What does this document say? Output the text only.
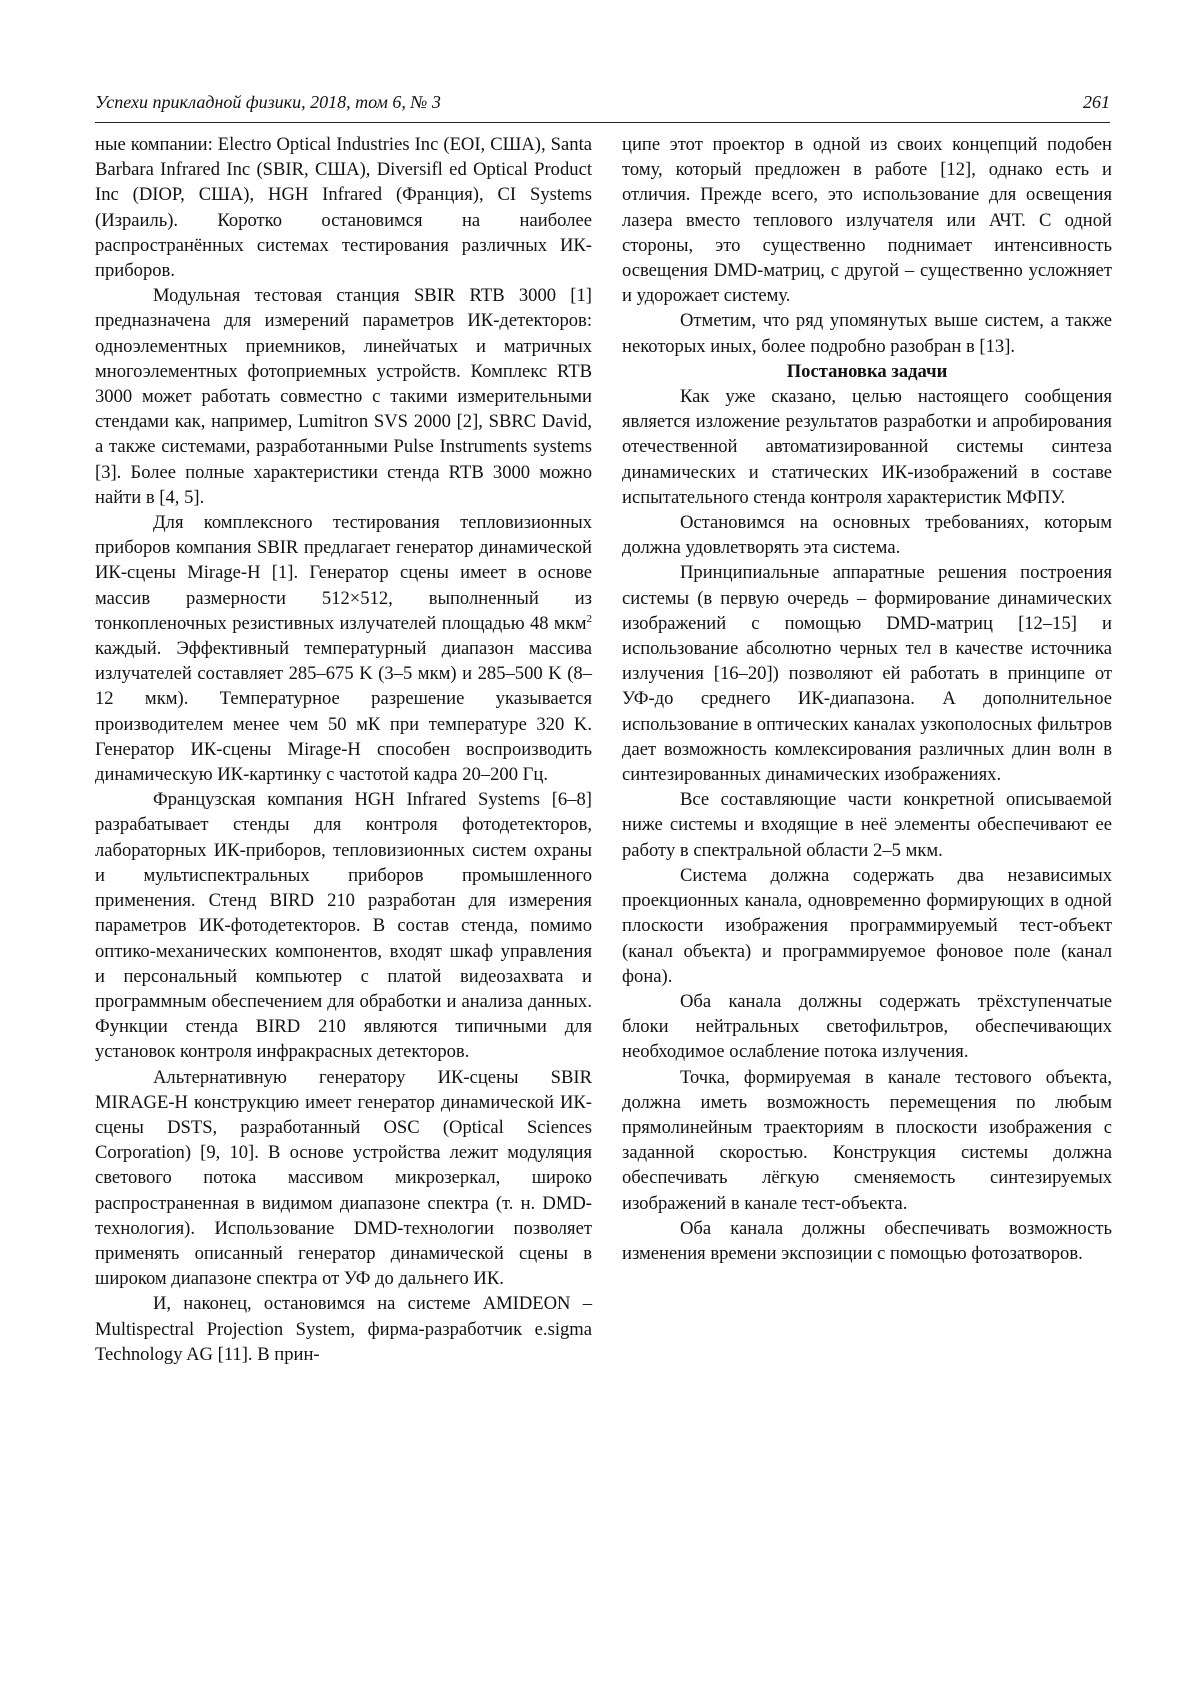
Успехи прикладной физики, 2018, том 6, № 3	261

ные компании: Electro Optical Industries Inc (EOI, США), Santa Barbara Infrared Inc (SBIR, США), Diversifl ed Optical Product Inc (DIOP, США), HGH Infrared (Франция), CI Systems (Израиль). Коротко остановимся на наиболее распространённых системах тестирования различных ИК-приборов.

Модульная тестовая станция SBIR RTB 3000 [1] предназначена для измерений параметров ИК-детекторов: одноэлементных приемников, линейчатых и матричных многоэлементных фотоприемных устройств. Комплекс RTB 3000 может работать совместно с такими измерительными стендами как, например, Lumitron SVS 2000 [2], SBRC David, а также системами, разработанными Pulse Instruments systems [3]. Более полные характеристики стенда RTB 3000 можно найти в [4, 5].

Для комплексного тестирования тепловизионных приборов компания SBIR предлагает генератор динамической ИК-сцены Mirage-H [1]. Генератор сцены имеет в основе массив размерности 512×512, выполненный из тонкопленочных резистивных излучателей площадью 48 мкм$^2$ каждый. Эффективный температурный диапазон массива излучателей составляет 285–675 K (3–5 мкм) и 285–500 K (8–12 мкм). Температурное разрешение указывается производителем менее чем 50 мК при температуре 320 K. Генератор ИК-сцены Mirage-H способен воспроизводить динамическую ИК-картинку с частотой кадра 20–200 Гц.

Французская компания HGH Infrared Systems [6–8] разрабатывает стенды для контроля фотодетекторов, лабораторных ИК-приборов, тепловизионных систем охраны и мультиспектральных приборов промышленного применения. Стенд BIRD 210 разработан для измерения параметров ИК-фотодетекторов. В состав стенда, помимо оптико-механических компонентов, входят шкаф управления и персональный компьютер с платой видеозахвата и программным обеспечением для обработки и анализа данных. Функции стенда BIRD 210 являются типичными для установок контроля инфракрасных детекторов.

Альтернативную генератору ИК-сцены SBIR MIRAGE-H конструкцию имеет генератор динамической ИК-сцены DSTS, разработанный OSC (Optical Sciences Corporation) [9, 10]. В основе устройства лежит модуляция светового потока массивом микрозеркал, широко распространенная в видимом диапазоне спектра (т. н. DMD-технология). Использование DMD-технологии позволяет применять описанный генератор динамической сцены в широком диапазоне спектра от УФ до дальнего ИК.

И, наконец, остановимся на системе AMIDEON – Multispectral Projection System, фирма-разработчик e.sigma Technology AG [11]. В прин-

ципе этот проектор в одной из своих концепций подобен тому, который предложен в работе [12], однако есть и отличия. Прежде всего, это использование для освещения лазера вместо теплового излучателя или АЧТ. С одной стороны, это существенно поднимает интенсивность освещения DMD-матриц, с другой – существенно усложняет и удорожает систему.

Отметим, что ряд упомянутых выше систем, а также некоторых иных, более подробно разобран в [13].

Постановка задачи

Как уже сказано, целью настоящего сообщения является изложение результатов разработки и апробирования отечественной автоматизированной системы синтеза динамических и статических ИК-изображений в составе испытательного стенда контроля характеристик МФПУ.

Остановимся на основных требованиях, которым должна удовлетворять эта система.

Принципиальные аппаратные решения построения системы (в первую очередь – формирование динамических изображений с помощью DMD-матриц [12–15] и использование абсолютно черных тел в качестве источника излучения [16–20]) позволяют ей работать в принципе от УФ-до среднего ИК-диапазона. А дополнительное использование в оптических каналах узкополосных фильтров дает возможность комлексирования различных длин волн в синтезированных динамических изображениях.

Все составляющие части конкретной описываемой ниже системы и входящие в неё элементы обеспечивают ее работу в спектральной области 2–5 мкм.

Система должна содержать два независимых проекционных канала, одновременно формирующих в одной плоскости изображения программируемый тест-объект (канал объекта) и программируемое фоновое поле (канал фона).

Оба канала должны содержать трёхступенчатые блоки нейтральных светофильтров, обеспечивающих необходимое ослабление потока излучения.

Точка, формируемая в канале тестового объекта, должна иметь возможность перемещения по любым прямолинейным траекториям в плоскости изображения с заданной скоростью. Конструкция системы должна обеспечивать лёгкую сменяемость синтезируемых изображений в канале тест-объекта.

Оба канала должны обеспечивать возможность изменения времени экспозиции с помощью фотозатворов.
